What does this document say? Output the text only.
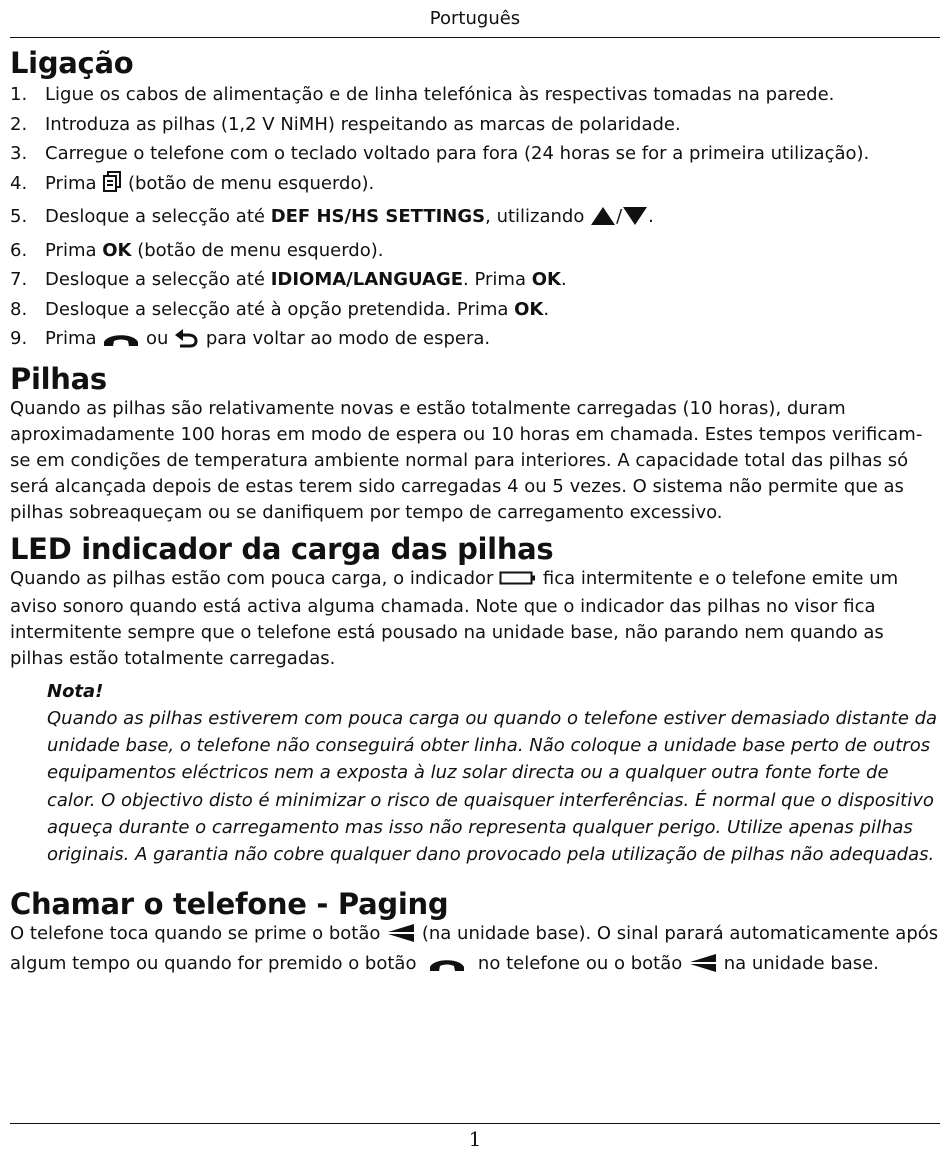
Português
Ligação
1. Ligue os cabos de alimentação e de linha telefónica às respectivas tomadas na parede.
2. Introduza as pilhas (1,2 V NiMH) respeitando as marcas de polaridade.
3. Carregue o telefone com o teclado voltado para fora (24 horas se for a primeira utilização).
4. Prima  (botão de menu esquerdo).
5. Desloque a selecção até DEF HS/HS SETTINGS, utilizando / .
6. Prima OK (botão de menu esquerdo).
7. Desloque a selecção até IDIOMA/LANGUAGE. Prima OK.
8. Desloque a selecção até à opção pretendida. Prima OK.
9. Prima  ou  para voltar ao modo de espera.
Pilhas

Quando as pilhas são relativamente novas e estão totalmente carregadas (10 horas), duram aproximadamente 100 horas em modo de espera ou 10 horas em chamada. Estes tempos verificam-se em condições de temperatura ambiente normal para interiores. A capacidade total das pilhas só será alcançada depois de estas terem sido carregadas 4 ou 5 vezes. O sistema não permite que as pilhas sobreaqueçam ou se danifiquem por tempo de carregamento excessivo.

LED indicador da carga das pilhas

Quando as pilhas estão com pouca carga, o indicador  fica intermitente e o telefone emite um aviso sonoro quando está activa alguma chamada. Note que o indicador das pilhas no visor fica intermitente sempre que o telefone está pousado na unidade base, não parando nem quando as pilhas estão totalmente carregadas.

Nota!
Quando as pilhas estiverem com pouca carga ou quando o telefone estiver demasiado distante da unidade base, o telefone não conseguirá obter linha. Não coloque a unidade base perto de outros equipamentos eléctricos nem a exposta à luz solar directa ou a qualquer outra fonte forte de calor. O objectivo disto é minimizar o risco de quaisquer interferências. É normal que o dispositivo aqueça durante o carregamento mas isso não representa qualquer perigo. Utilize apenas pilhas originais. A garantia não cobre qualquer dano provocado pela utilização de pilhas não adequadas.
Chamar o telefone - Paging

O telefone toca quando se prime o botão  (na unidade base). O sinal parará automaticamente após algum tempo ou quando for premido o botão	no telefone ou o botão  na unidade base.

1
